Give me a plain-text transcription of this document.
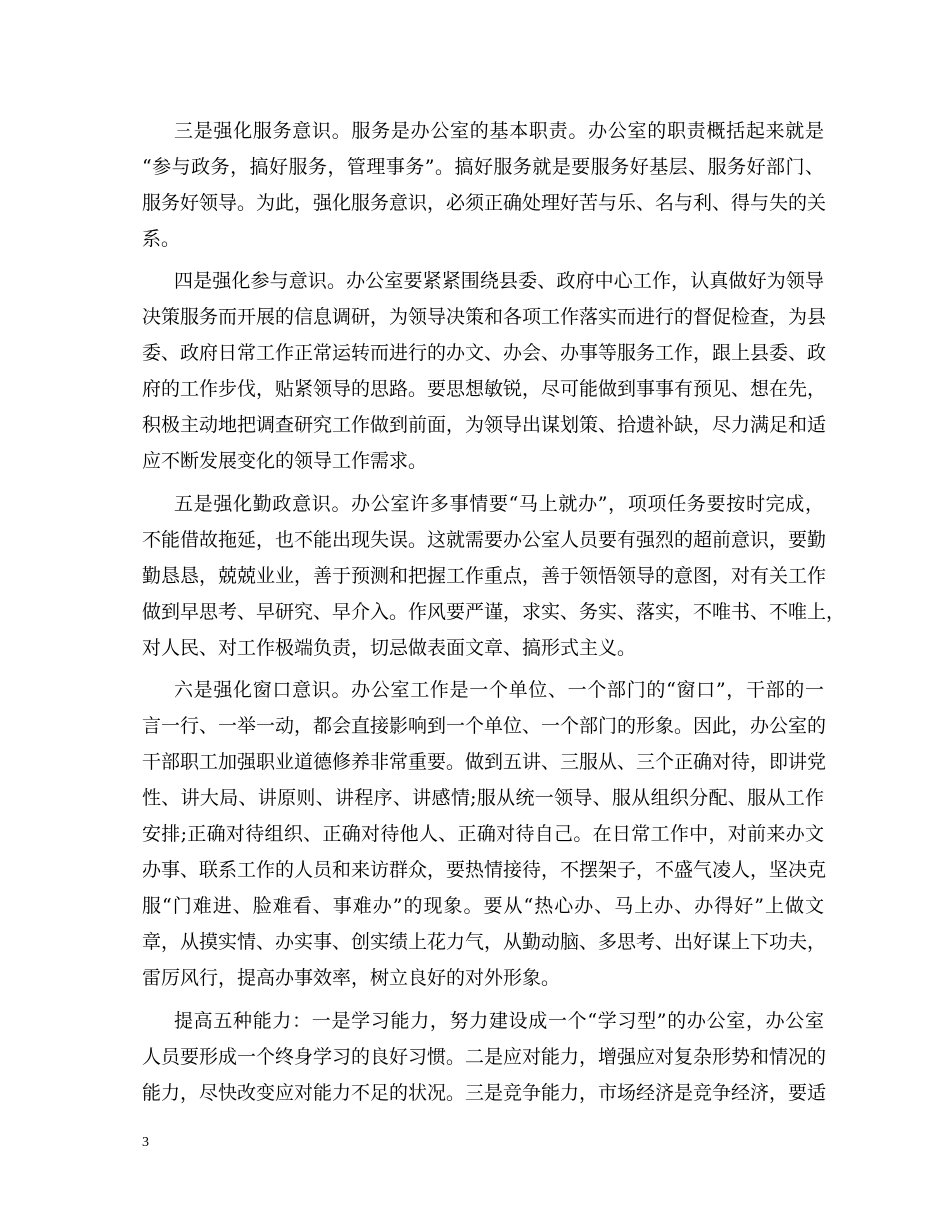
三是强化服务意识。服务是办公室的基本职责。办公室的职责概括起来就是
“参与政务，搞好服务，管理事务”。搞好服务就是要服务好基层、服务好部门、
服务好领导。为此，强化服务意识，必须正确处理好苦与乐、名与利、得与失的关
系。
四是强化参与意识。办公室要紧紧围绕县委、政府中心工作，认真做好为领导
决策服务而开展的信息调研，为领导决策和各项工作落实而进行的督促检查，为县
委、政府日常工作正常运转而进行的办文、办会、办事等服务工作，跟上县委、政
府的工作步伐，贴紧领导的思路。要思想敏锐，尽可能做到事事有预见、想在先，
积极主动地把调查研究工作做到前面，为领导出谋划策、拾遗补缺，尽力满足和适
应不断发展变化的领导工作需求。
五是强化勤政意识。办公室许多事情要“马上就办”，项项任务要按时完成，
不能借故拖延，也不能出现失误。这就需要办公室人员要有强烈的超前意识，要勤
勤恳恳，兢兢业业，善于预测和把握工作重点，善于领悟领导的意图，对有关工作
做到早思考、早研究、早介入。作风要严谨，求实、务实、落实，不唯书、不唯上，
对人民、对工作极端负责，切忌做表面文章、搞形式主义。
六是强化窗口意识。办公室工作是一个单位、一个部门的“窗口”，干部的一
言一行、一举一动，都会直接影响到一个单位、一个部门的形象。因此，办公室的
干部职工加强职业道德修养非常重要。做到五讲、三服从、三个正确对待，即讲党
性、讲大局、讲原则、讲程序、讲感情;服从统一领导、服从组织分配、服从工作
安排;正确对待组织、正确对待他人、正确对待自己。在日常工作中，对前来办文
办事、联系工作的人员和来访群众，要热情接待，不摆架子，不盛气凌人，坚决克
服“门难进、脸难看、事难办”的现象。要从“热心办、马上办、办得好”上做文
章，从摸实情、办实事、创实绩上花力气，从勤动脑、多思考、出好谋上下功夫，
雷厉风行，提高办事效率，树立良好的对外形象。
提高五种能力：一是学习能力，努力建设成一个“学习型”的办公室，办公室
人员要形成一个终身学习的良好习惯。二是应对能力，增强应对复杂形势和情况的
能力，尽快改变应对能力不足的状况。三是竞争能力，市场经济是竞争经济，要适
3
